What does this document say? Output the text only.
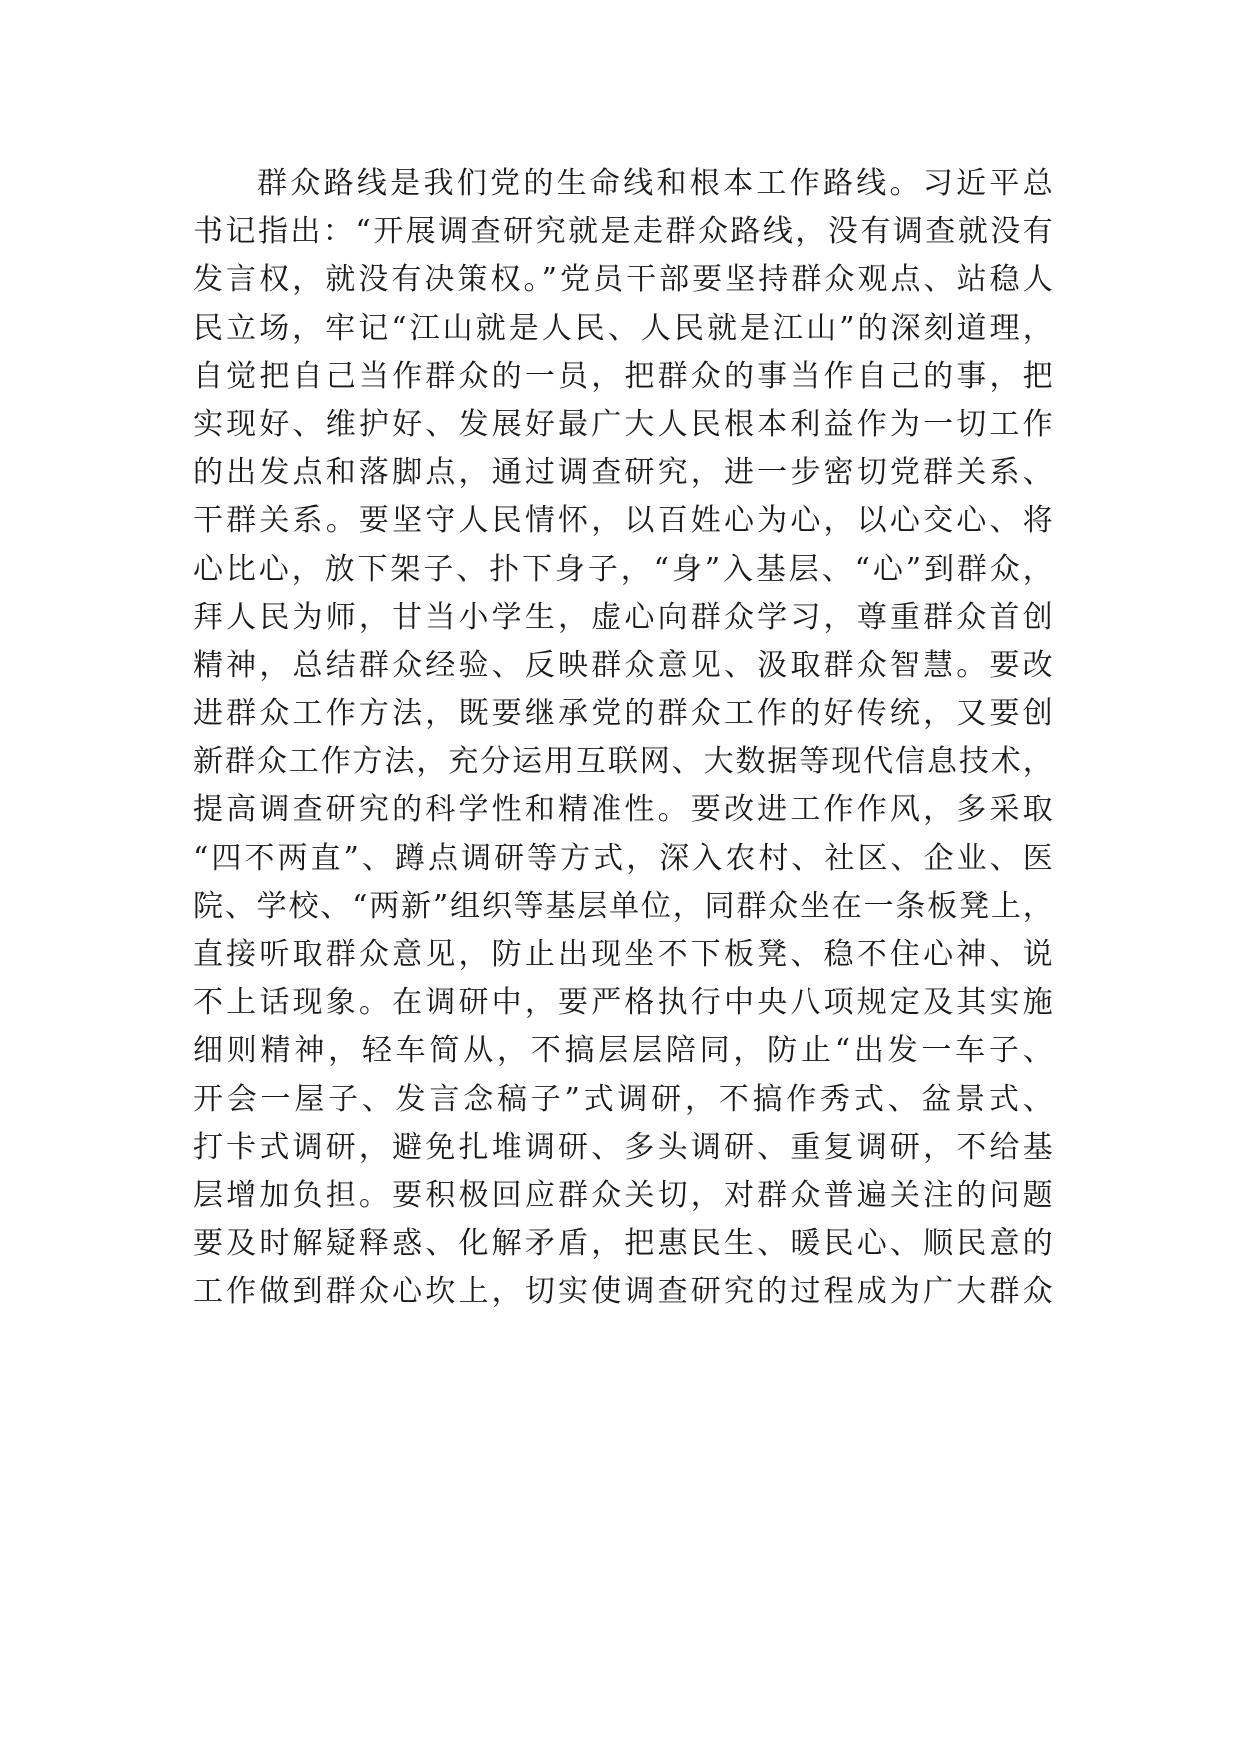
群众路线是我们党的生命线和根本工作路线。习近平总
书记指出：“开展调查研究就是走群众路线，没有调查就没有
发言权，就没有决策权。”党员干部要坚持群众观点、站稳人
民立场，牢记“江山就是人民、人民就是江山”的深刻道理，
自觉把自己当作群众的一员，把群众的事当作自己的事，把
实现好、维护好、发展好最广大人民根本利益作为一切工作
的出发点和落脚点，通过调查研究，进一步密切党群关系、
干群关系。要坚守人民情怀，以百姓心为心，以心交心、将
心比心，放下架子、扑下身子，“身”入基层、“心”到群众，
拜人民为师，甘当小学生，虚心向群众学习，尊重群众首创
精神，总结群众经验、反映群众意见、汲取群众智慧。要改
进群众工作方法，既要继承党的群众工作的好传统，又要创
新群众工作方法，充分运用互联网、大数据等现代信息技术，
提高调查研究的科学性和精准性。要改进工作作风，多采取
“四不两直”、蹲点调研等方式，深入农村、社区、企业、医
院、学校、“两新”组织等基层单位，同群众坐在一条板凳上，
直接听取群众意见，防止出现坐不下板凳、稳不住心神、说
不上话现象。在调研中，要严格执行中央八项规定及其实施
细则精神，轻车简从，不搞层层陪同，防止“出发一车子、
开会一屋子、发言念稿子”式调研，不搞作秀式、盆景式、
打卡式调研，避免扎堆调研、多头调研、重复调研，不给基
层增加负担。要积极回应群众关切，对群众普遍关注的问题
要及时解疑释惑、化解矛盾，把惠民生、暖民心、顺民意的
工作做到群众心坎上，切实使调查研究的过程成为广大群众
